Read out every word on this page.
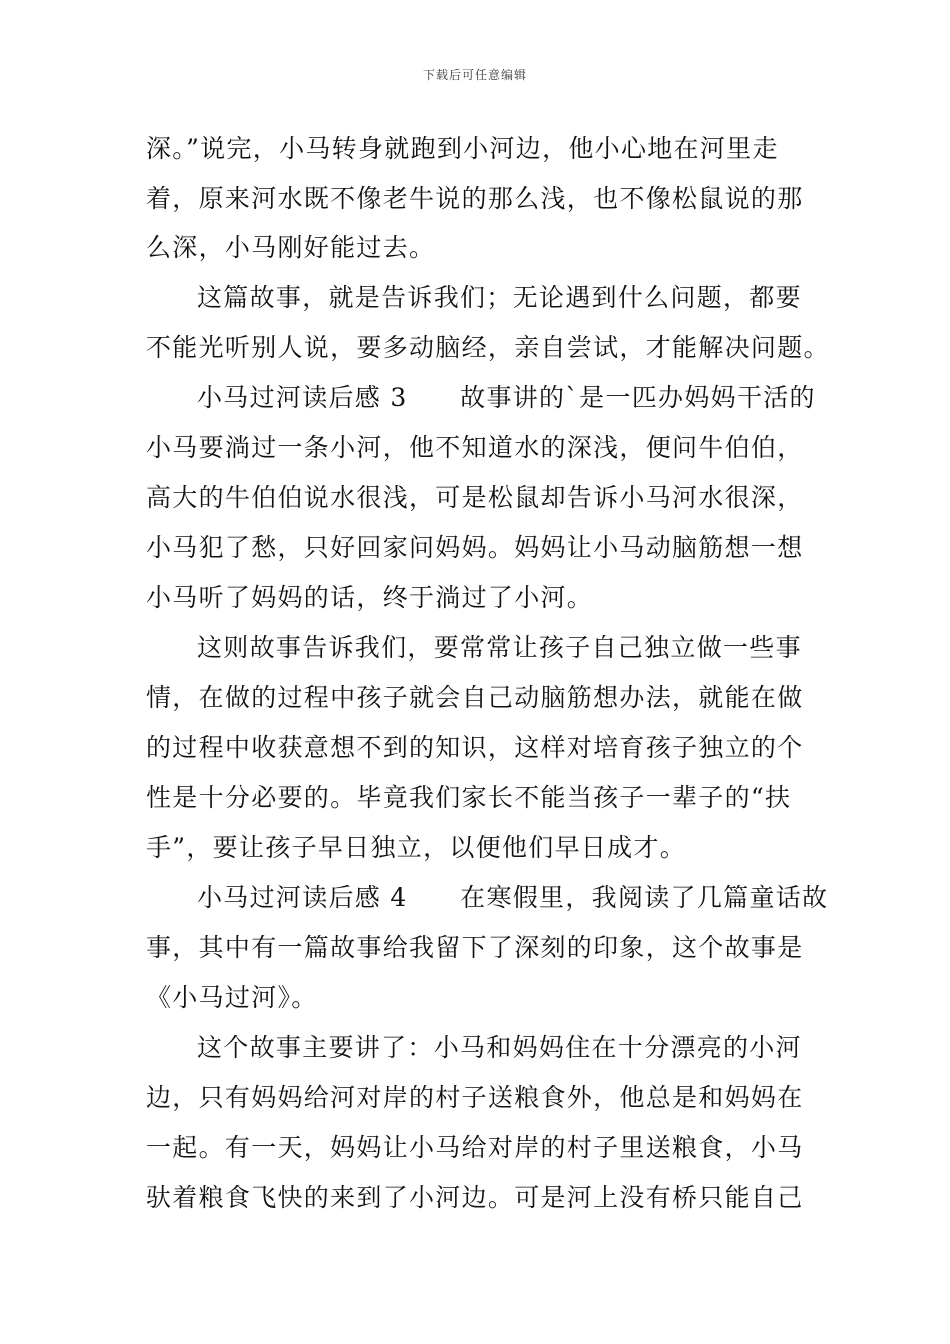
下载后可任意编辑

深。”说完，小马转身就跑到小河边，他小心地在河里走

着，原来河水既不像老牛说的那么浅，也不像松鼠说的那

么深，小马刚好能过去。

这篇故事，就是告诉我们；无论遇到什么问题，都要

不能光听别人说，要多动脑经，亲自尝试，才能解决问题。

小马过河读后感 3　　故事讲的`是一匹办妈妈干活的

小马要淌过一条小河，他不知道水的深浅，便问牛伯伯，

高大的牛伯伯说水很浅，可是松鼠却告诉小马河水很深，

小马犯了愁，只好回家问妈妈。妈妈让小马动脑筋想一想

小马听了妈妈的话，终于淌过了小河。

这则故事告诉我们，要常常让孩子自己独立做一些事

情，在做的过程中孩子就会自己动脑筋想办法，就能在做

的过程中收获意想不到的知识，这样对培育孩子独立的个

性是十分必要的。毕竟我们家长不能当孩子一辈子的“扶

手”，要让孩子早日独立，以便他们早日成才。

小马过河读后感 4　　在寒假里，我阅读了几篇童话故

事，其中有一篇故事给我留下了深刻的印象，这个故事是

《小马过河》。

这个故事主要讲了：小马和妈妈住在十分漂亮的小河

边，只有妈妈给河对岸的村子送粮食外，他总是和妈妈在

一起。有一天，妈妈让小马给对岸的村子里送粮食，小马

驮着粮食飞快的来到了小河边。可是河上没有桥只能自己
